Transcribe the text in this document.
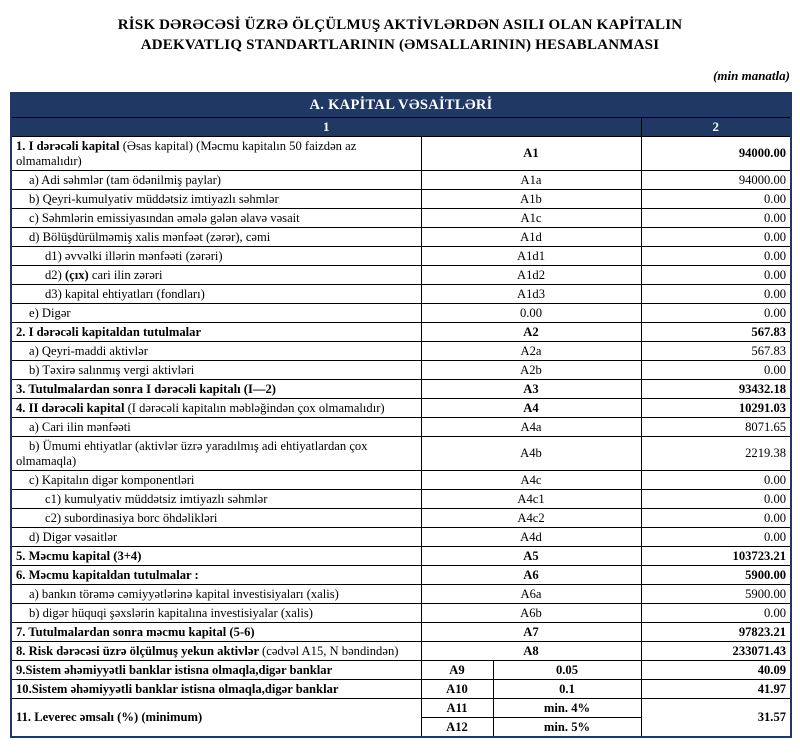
RİSK DƏRƏCƏSİ ÜZRƏ ÖLÇÜLMUŞ AKTİVLƏRDƏN ASILI OLAN KAPİTALIN
ADEKVATLIQ STANDARTLARININ (ƏMSALLARININ) HESABLANMASI
(min manatla)
A. KAPİTAL VƏSAİTLƏRİ			
1			2
1. I dərəcəli kapital (Əsas kapital) (Məcmu kapitalın 50 faizdən az olmamalıdır)	A1		94000.00
a) Adi səhmlər (tam ödənilmiş paylar)	A1a		94000.00
b) Qeyri-kumulyativ müddətsiz imtiyazlı səhmlər	A1b		0.00
c) Səhmlərin emissiyasından əmələ gələn əlavə vəsait	A1c		0.00
d) Bölüşdürülməmiş xalis mənfəət (zərər), cəmi	A1d		0.00
d1) əvvəlki illərin mənfəəti (zərəri)	A1d1		0.00
d2) (çıx) cari ilin zərəri	A1d2		0.00
d3) kapital ehtiyatları (fondları)	A1d3		0.00
e) Digər	0.00		0.00
2. I dərəcəli kapitaldan tutulmalar	A2		567.83
a) Qeyri-maddi aktivlər	A2a		567.83
b) Təxirə salınmış vergi aktivləri	A2b		0.00
3. Tutulmalardan sonra I dərəcəli kapitalı (I—2)	A3		93432.18
4. II dərəcəli kapital (I dərəcəli kapitalın məbləğindən çox olmamalıdır)	A4		10291.03
a) Cari ilin mənfəəti	A4a		8071.65
b) Ümumi ehtiyatlar (aktivlər üzrə yaradılmış adi ehtiyatlardan çox olmamaqla)	A4b		2219.38
c) Kapitalın digər komponentləri	A4c		0.00
c1) kumulyativ müddətsiz imtiyazlı səhmlər	A4c1		0.00
c2) subordinasiya borc öhdəlikləri	A4c2		0.00
d) Digər vəsaitlər	A4d		0.00
5. Məcmu kapital (3+4)	A5		103723.21
6. Məcmu kapitaldan tutulmalar :	A6		5900.00
a) bankın törəmə cəmiyyətlərinə kapital investisiyaları (xalis)	A6a		5900.00
b) digər hüquqi şəxslərin kapitalına investisiyalar (xalis)	A6b		0.00
7. Tutulmalardan sonra məcmu kapital (5-6)	A7		97823.21
8. Risk dərəcəsi üzrə ölçülmuş yekun aktivlər (cədvəl A15, N bəndindən)	A8		233071.43
9.Sistem əhəmiyyətli banklar istisna olmaqla,digər banklar	A9	0.05	40.09
10.Sistem əhəmiyyətli banklar istisna olmaqla,digər banklar	A10	0.1	41.97
11. Leverec əmsalı (%) (minimum)	A11	min. 4%	31.57
	A12	min. 5%	
